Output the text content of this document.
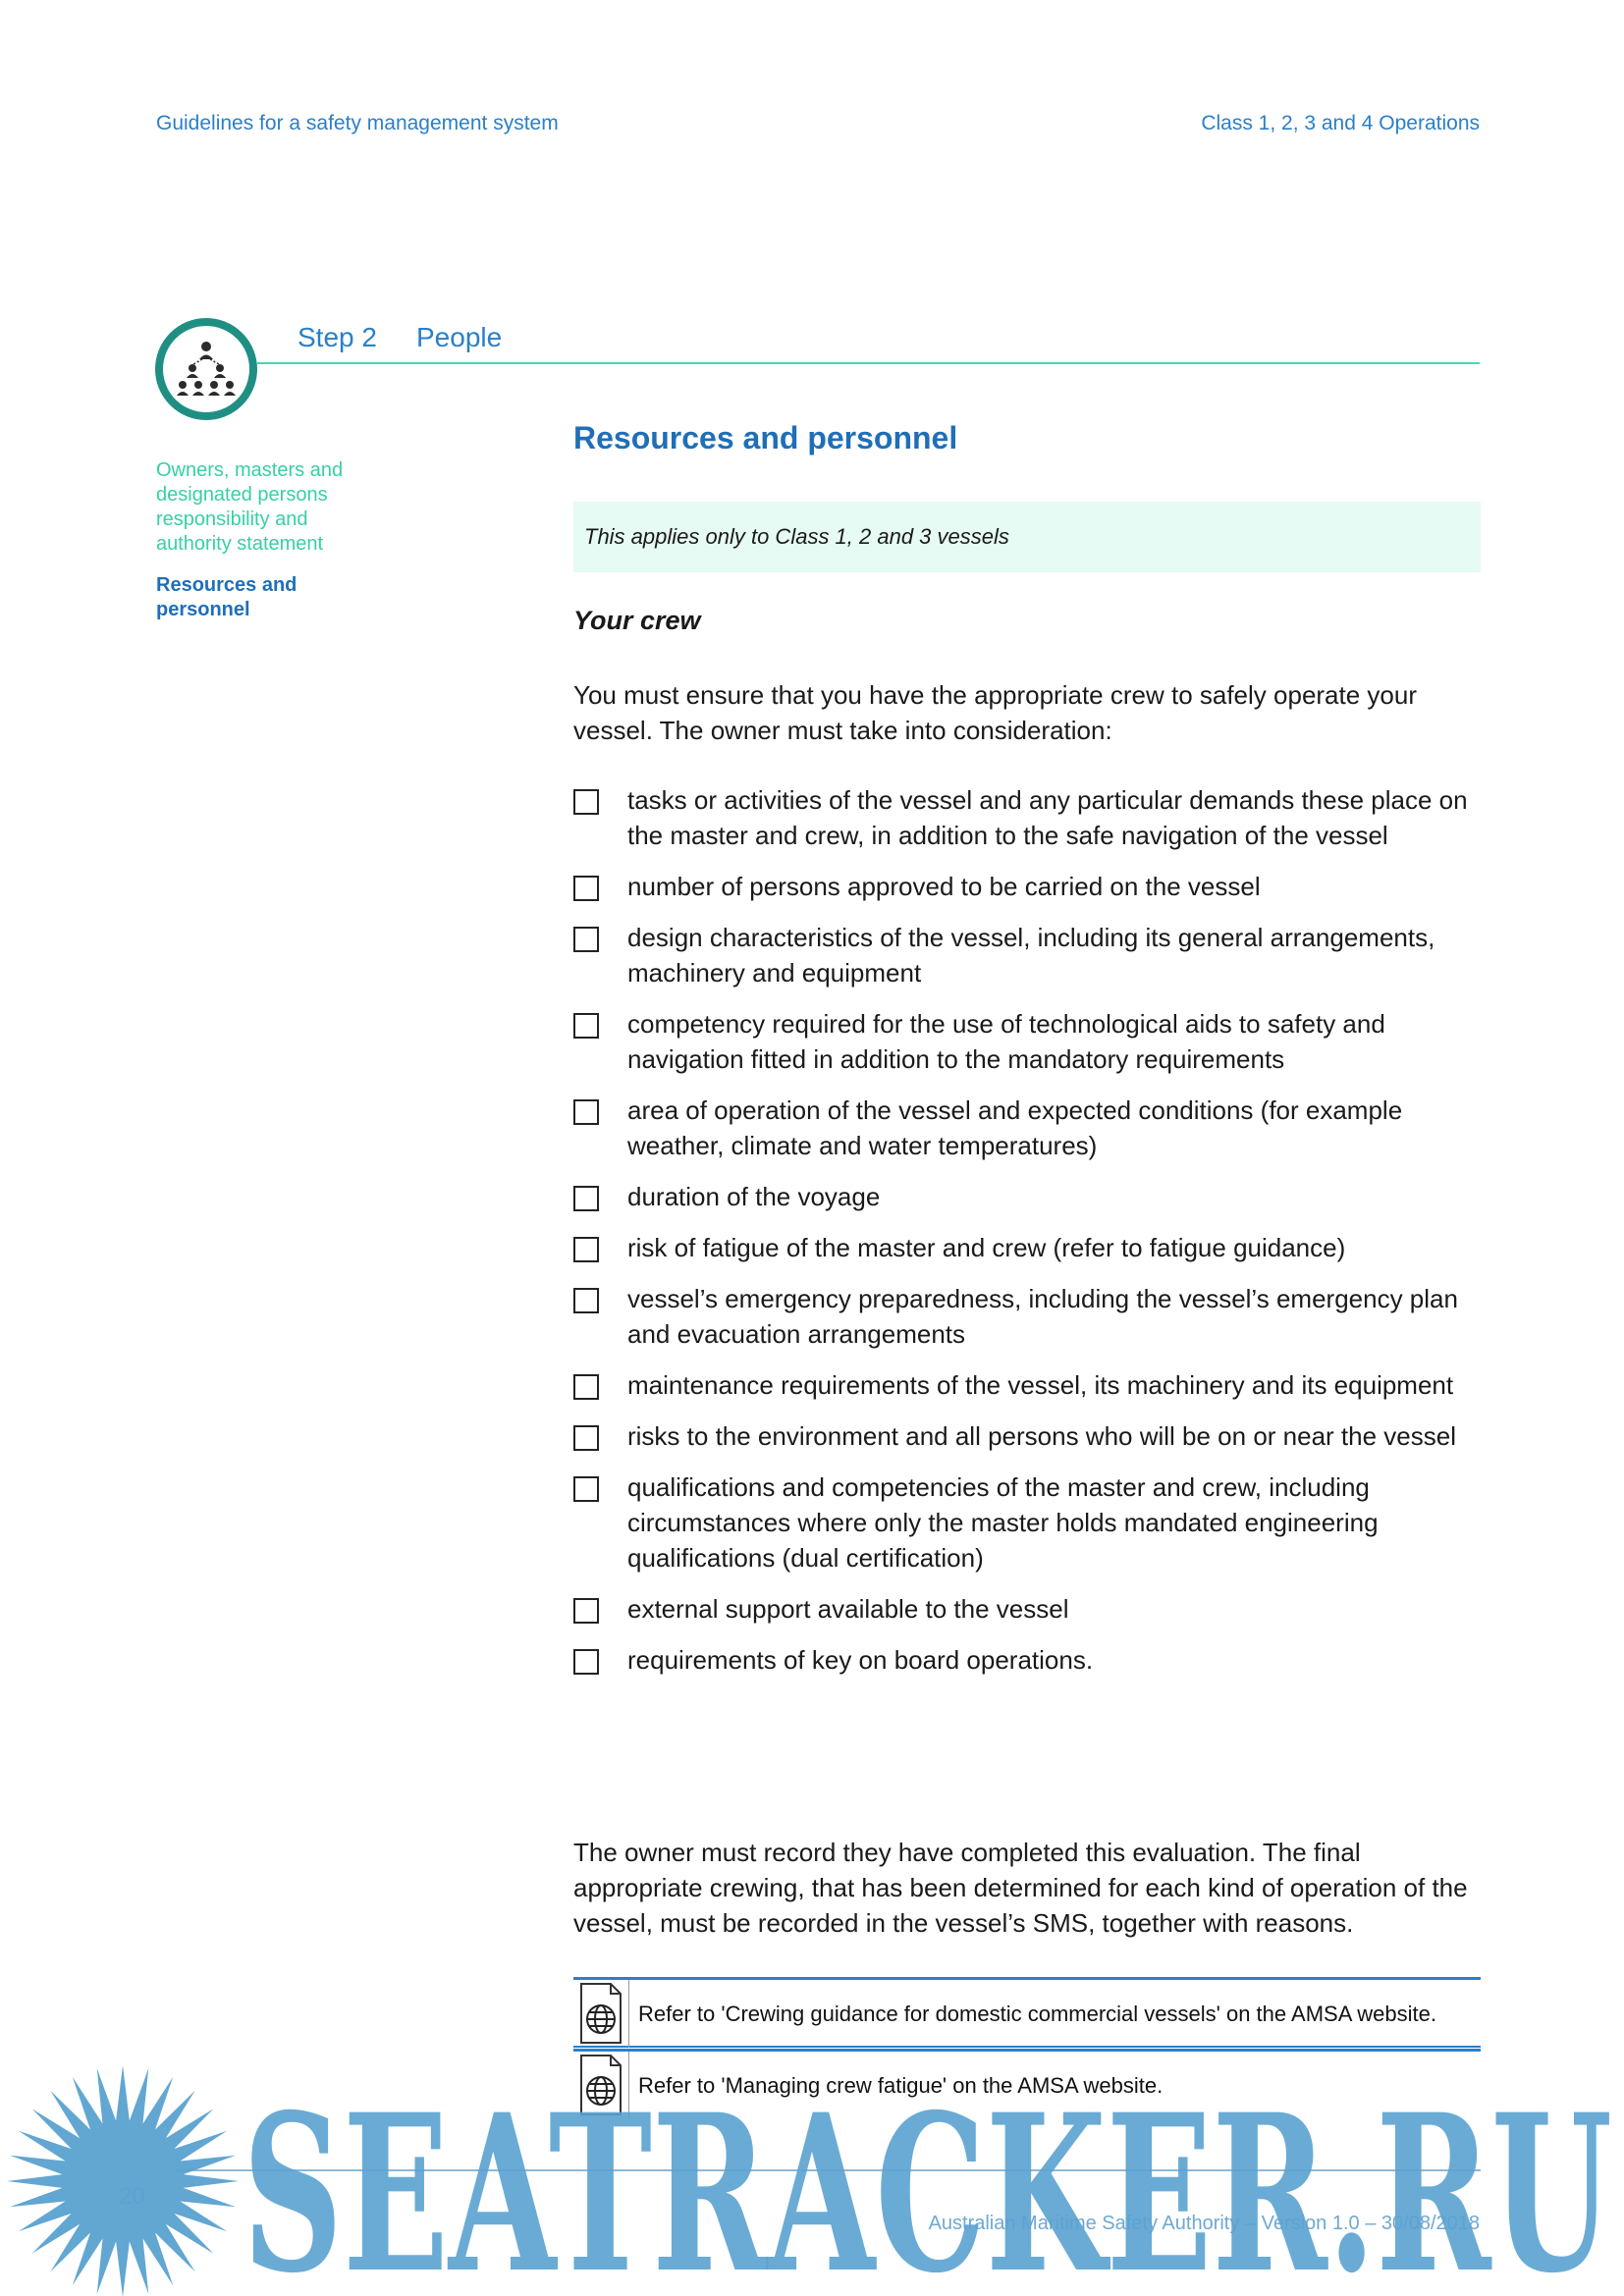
Guidelines for a safety management system	Class 1, 2, 3 and 4 Operations
Step 2 People
Owners, masters and designated persons responsibility and authority statement
Resources and personnel
Resources and personnel
This applies only to Class 1, 2 and 3 vessels
Your crew

You must ensure that you have the appropriate crew to safely operate your vessel. The owner must take into consideration:

tasks or activities of the vessel and any particular demands these place on the master and crew, in addition to the safe navigation of the vessel
number of persons approved to be carried on the vessel
design characteristics of the vessel, including its general arrangements, machinery and equipment
competency required for the use of technological aids to safety and navigation fitted in addition to the mandatory requirements
area of operation of the vessel and expected conditions (for example weather, climate and water temperatures)
duration of the voyage
risk of fatigue of the master and crew (refer to fatigue guidance)
vessel’s emergency preparedness, including the vessel’s emergency plan and evacuation arrangements
maintenance requirements of the vessel, its machinery and its equipment
risks to the environment and all persons who will be on or near the vessel
qualifications and competencies of the master and crew, including circumstances where only the master holds mandated engineering qualifications (dual certification)
external support available to the vessel
requirements of key on board operations.

The owner must record they have completed this evaluation. The final appropriate crewing, that has been determined for each kind of operation of the vessel, must be recorded in the vessel’s SMS, together with reasons.

Refer to 'Crewing guidance for domestic commercial vessels' on the AMSA website.
Refer to 'Managing crew fatigue' on the AMSA website.
Australian Maritime Safety Authority – Version 1.0 – 30/08/2018
SEATRACKER.RU
